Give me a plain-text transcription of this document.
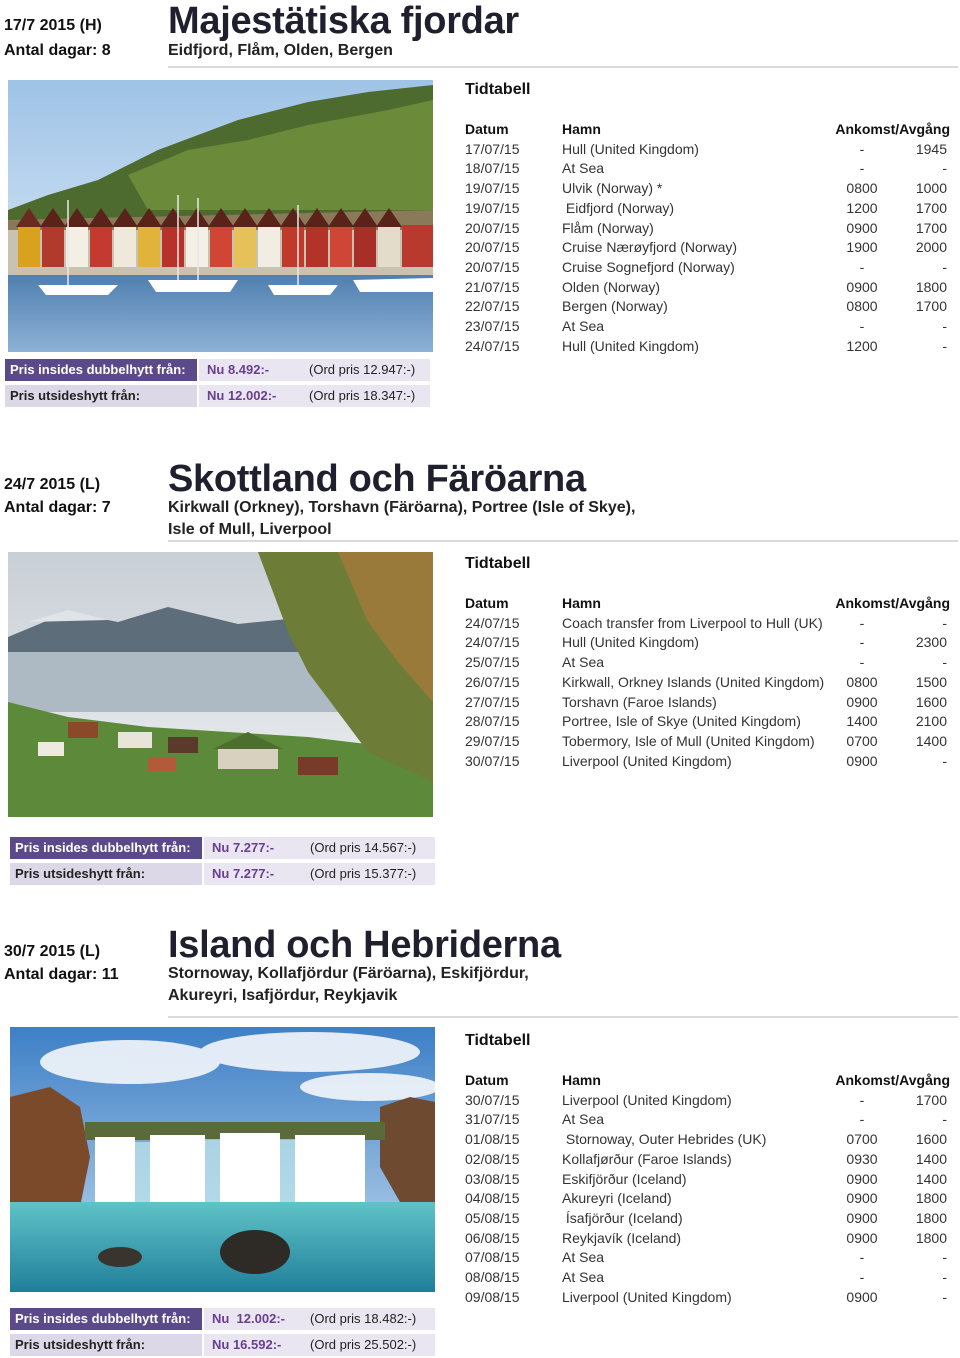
17/7 2015 (H)
Antal dagar: 8
Majestätiska fjordar
Eidfjord, Flåm, Olden, Bergen
Pris insides dubbelhytt från:	Nu 8.492:-	(Ord pris 12.947:-)
Pris utsideshytt från:	Nu 12.002:-	(Ord pris 18.347:-)
Tidtabell
Datum	Hamn	Ankomst/Avgång
17/07/15	Hull (United Kingdom)	-	1945
18/07/15	At Sea	-	-
19/07/15	Ulvik (Norway) *	0800	1000
19/07/15	Eidfjord (Norway)	1200	1700
20/07/15	Flåm (Norway)	0900	1700
20/07/15	Cruise Nærøyfjord (Norway)	1900	2000
20/07/15	Cruise Sognefjord (Norway)	-	-
21/07/15	Olden (Norway)	0900	1800
22/07/15	Bergen (Norway)	0800	1700
23/07/15	At Sea	-	-
24/07/15	Hull (United Kingdom)	1200	-
24/7 2015 (L)
Antal dagar: 7
Skottland och Färöarna
Kirkwall (Orkney), Torshavn (Färöarna), Portree (Isle of Skye),
Isle of Mull, Liverpool
Pris insides dubbelhytt från:	Nu 7.277:-	(Ord pris 14.567:-)
Pris utsideshytt från:	Nu 7.277:-	(Ord pris 15.377:-)
Tidtabell
Datum	Hamn	Ankomst/Avgång
24/07/15	Coach transfer from Liverpool to Hull (UK)	-	-
24/07/15	Hull (United Kingdom)	-	2300
25/07/15	At Sea	-	-
26/07/15	Kirkwall, Orkney Islands (United Kingdom)	0800	1500
27/07/15	Torshavn (Faroe Islands)	0900	1600
28/07/15	Portree, Isle of Skye (United Kingdom)	1400	2100
29/07/15	Tobermory, Isle of Mull (United Kingdom)	0700	1400
30/07/15	Liverpool (United Kingdom)	0900	-
30/7 2015 (L)
Antal dagar: 11
Island och Hebriderna
Stornoway, Kollafjördur (Färöarna), Eskifjördur,
Akureyri, Isafjördur, Reykjavik
Pris insides dubbelhytt från:	Nu  12.002:-	(Ord pris 18.482:-)
Pris utsideshytt från:	Nu 16.592:-	(Ord pris 25.502:-)
Tidtabell
Datum	Hamn	Ankomst/Avgång
30/07/15	Liverpool (United Kingdom)	-	1700
31/07/15	At Sea	-	-
01/08/15	Stornoway, Outer Hebrides (UK)	0700	1600
02/08/15	Kollafjørður (Faroe Islands)	0930	1400
03/08/15	Eskifjörður (Iceland)	0900	1400
04/08/15	Akureyri (Iceland)	0900	1800
05/08/15	Ísafjörður (Iceland)	0900	1800
06/08/15	Reykjavík (Iceland)	0900	1800
07/08/15	At Sea	-	-
08/08/15	At Sea	-	-
09/08/15	Liverpool (United Kingdom)	0900	-
